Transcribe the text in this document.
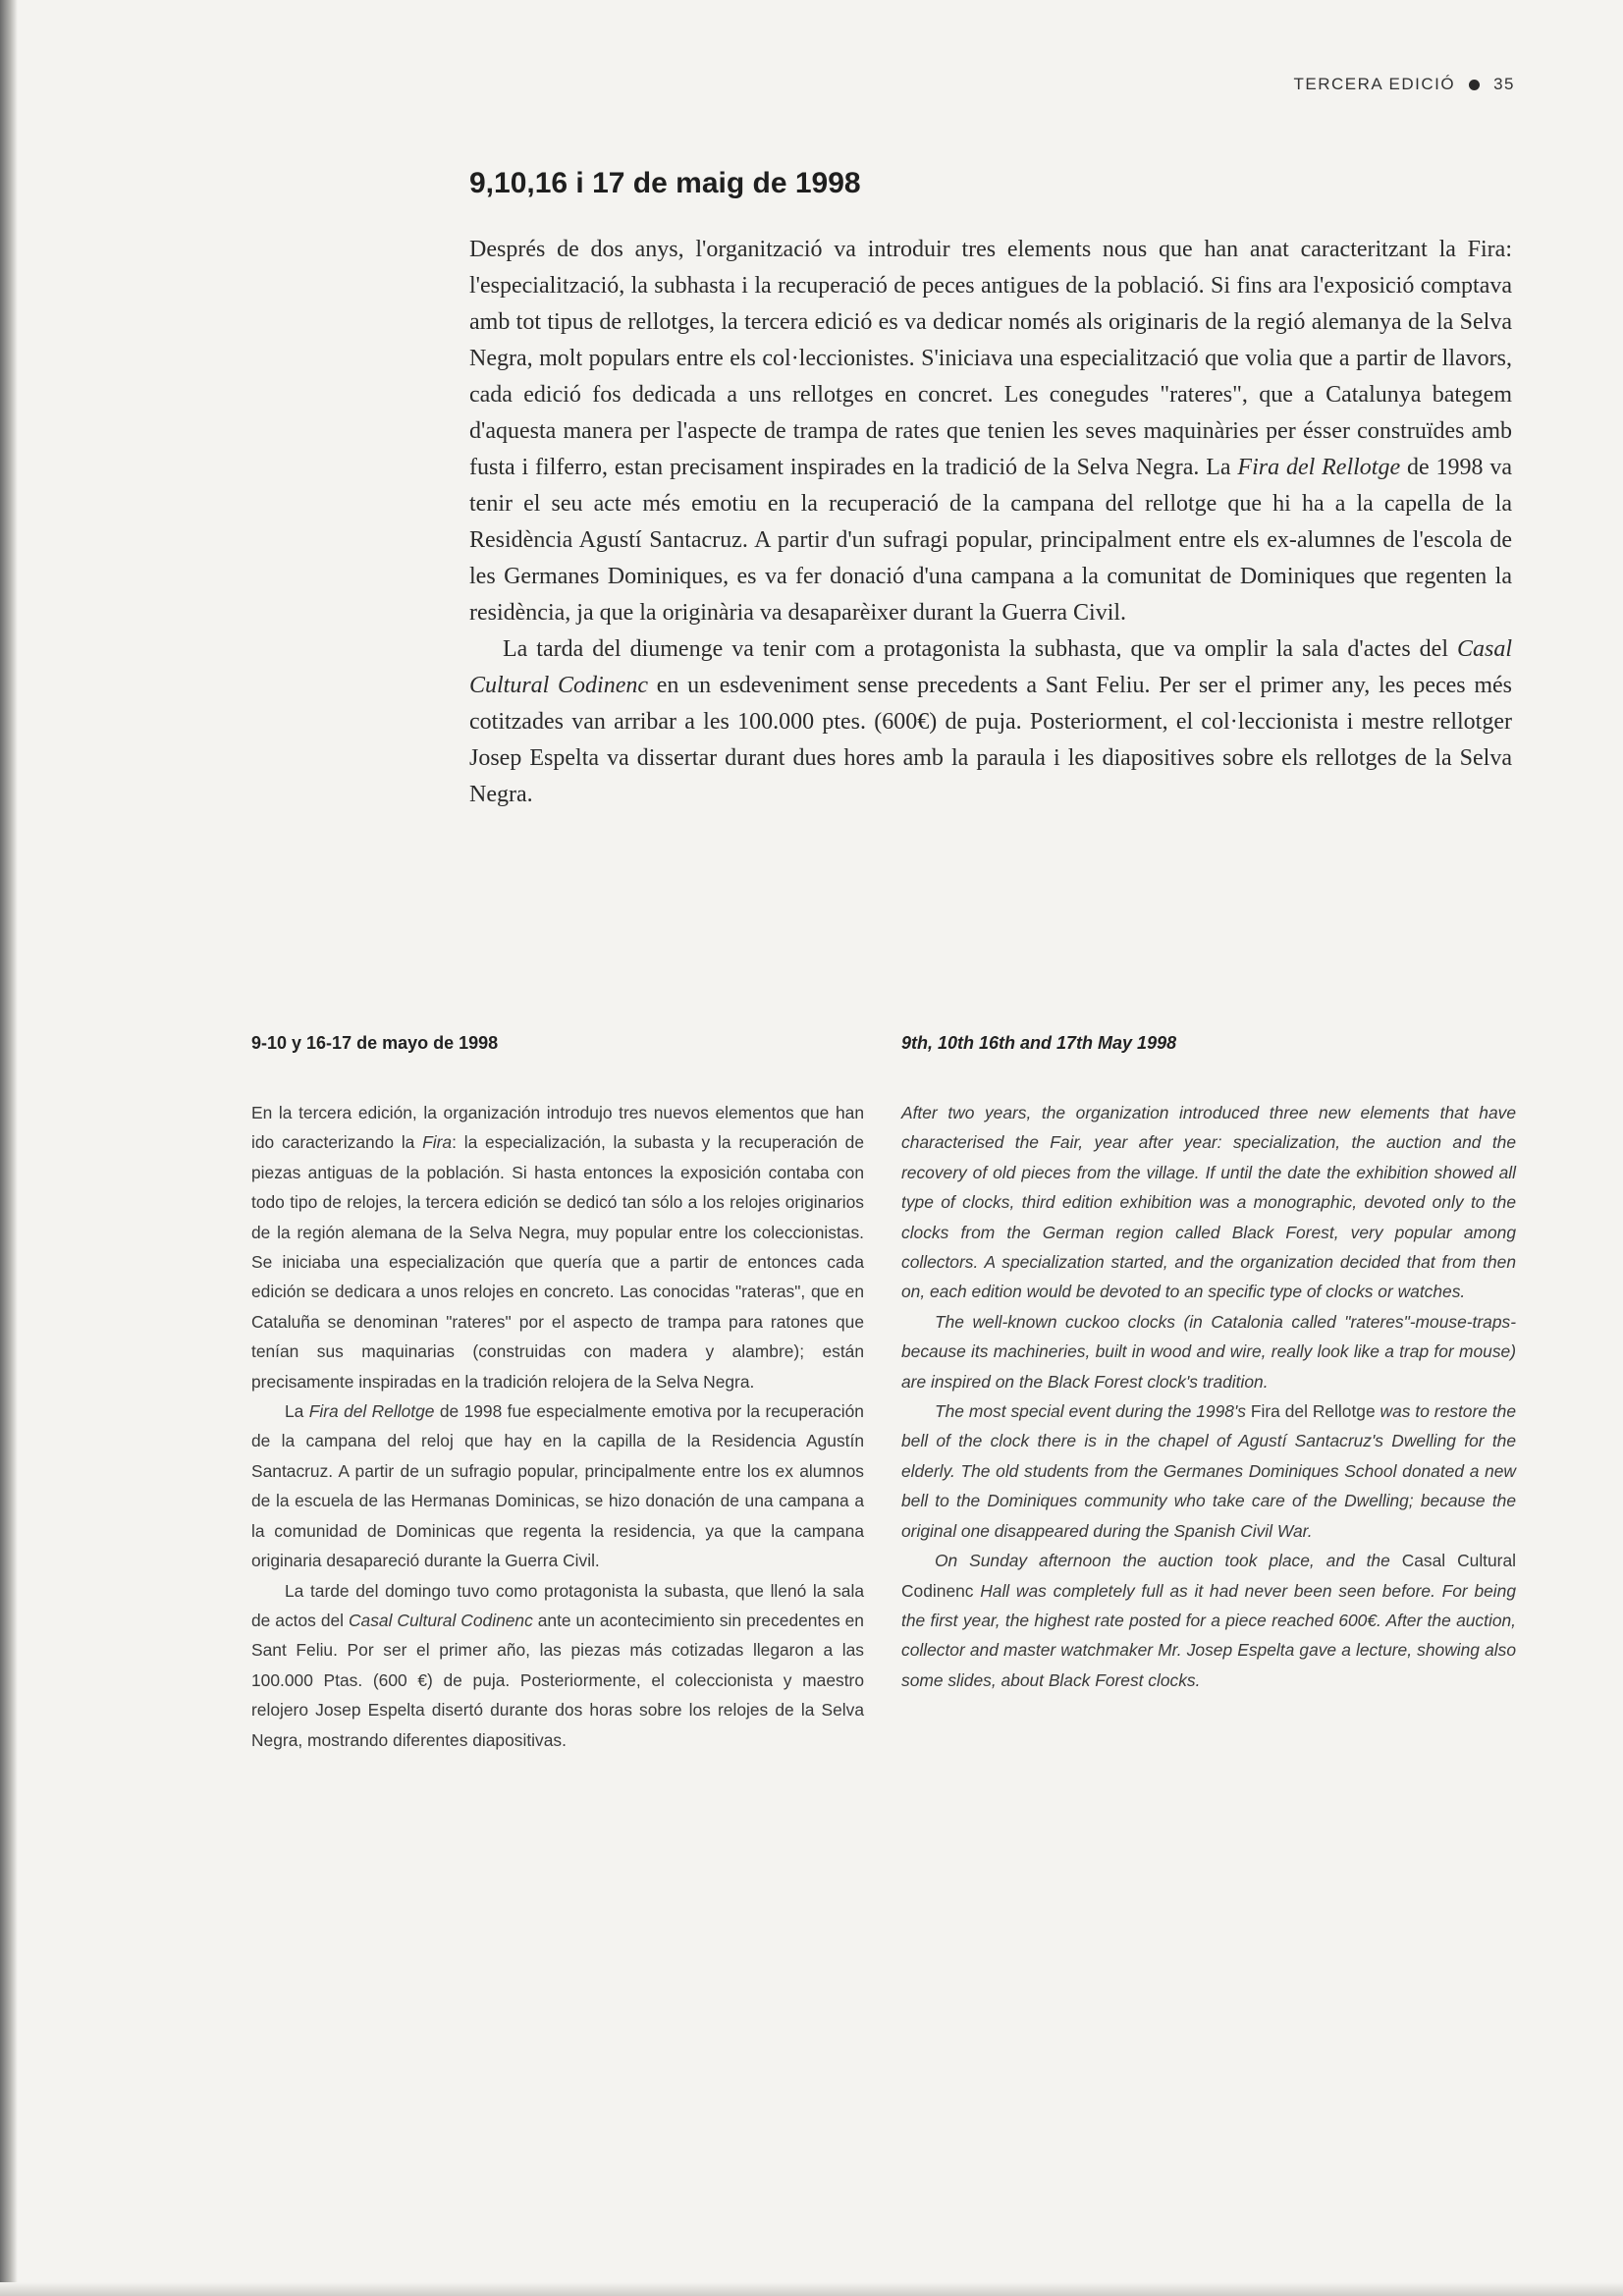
TERCERA EDICIÓ 35
9,10,16 i 17 de maig de 1998

Després de dos anys, l'organització va introduir tres elements nous que han anat caracteritzant la Fira: l'especialització, la subhasta i la recuperació de peces antigues de la població. Si fins ara l'exposició comptava amb tot tipus de rellotges, la tercera edició es va dedicar només als originaris de la regió alemanya de la Selva Negra, molt populars entre els col·leccionistes. S'iniciava una especialització que volia que a partir de llavors, cada edició fos dedicada a uns rellotges en concret. Les conegudes "rateres", que a Catalunya bategem d'aquesta manera per l'aspecte de trampa de rates que tenien les seves maquinàries per ésser construïdes amb fusta i filferro, estan precisament inspirades en la tradició de la Selva Negra. La Fira del Rellotge de 1998 va tenir el seu acte més emotiu en la recuperació de la campana del rellotge que hi ha a la capella de la Residència Agustí Santacruz. A partir d'un sufragi popular, principalment entre els ex-alumnes de l'escola de les Germanes Dominiques, es va fer donació d'una campana a la comunitat de Dominiques que regenten la residència, ja que la originària va desaparèixer durant la Guerra Civil.

La tarda del diumenge va tenir com a protagonista la subhasta, que va omplir la sala d'actes del Casal Cultural Codinenc en un esdeveniment sense precedents a Sant Feliu. Per ser el primer any, les peces més cotitzades van arribar a les 100.000 ptes. (600€) de puja. Posteriorment, el col·leccionista i mestre rellotger Josep Espelta va dissertar durant dues hores amb la paraula i les diapositives sobre els rellotges de la Selva Negra.

9-10 y 16-17 de mayo de 1998

En la tercera edición, la organización introdujo tres nuevos elementos que han ido caracterizando la Fira: la especialización, la subasta y la recuperación de piezas antiguas de la población. Si hasta entonces la exposición contaba con todo tipo de relojes, la tercera edición se dedicó tan sólo a los relojes originarios de la región alemana de la Selva Negra, muy popular entre los coleccionistas. Se iniciaba una especialización que quería que a partir de entonces cada edición se dedicara a unos relojes en concreto. Las conocidas "rateras", que en Cataluña se denominan "rateres" por el aspecto de trampa para ratones que tenían sus maquinarias (construidas con madera y alambre); están precisamente inspiradas en la tradición relojera de la Selva Negra.

La Fira del Rellotge de 1998 fue especialmente emotiva por la recuperación de la campana del reloj que hay en la capilla de la Residencia Agustín Santacruz. A partir de un sufragio popular, principalmente entre los ex alumnos de la escuela de las Hermanas Dominicas, se hizo donación de una campana a la comunidad de Dominicas que regenta la residencia, ya que la campana originaria desapareció durante la Guerra Civil.

La tarde del domingo tuvo como protagonista la subasta, que llenó la sala de actos del Casal Cultural Codinenc ante un acontecimiento sin precedentes en Sant Feliu. Por ser el primer año, las piezas más cotizadas llegaron a las 100.000 Ptas. (600 €) de puja. Posteriormente, el coleccionista y maestro relojero Josep Espelta disertó durante dos horas sobre los relojes de la Selva Negra, mostrando diferentes diapositivas.

9th, 10th 16th and 17th May 1998

After two years, the organization introduced three new elements that have characterised the Fair, year after year: specialization, the auction and the recovery of old pieces from the village. If until the date the exhibition showed all type of clocks, third edition exhibition was a monographic, devoted only to the clocks from the German region called Black Forest, very popular among collectors. A specialization started, and the organization decided that from then on, each edition would be devoted to an specific type of clocks or watches.

The well-known cuckoo clocks (in Catalonia called "rateres"-mouse-traps- because its machineries, built in wood and wire, really look like a trap for mouse) are inspired on the Black Forest clock's tradition.

The most special event during the 1998's Fira del Rellotge was to restore the bell of the clock there is in the chapel of Agustí Santacruz's Dwelling for the elderly. The old students from the Germanes Dominiques School donated a new bell to the Dominiques community who take care of the Dwelling; because the original one disappeared during the Spanish Civil War.

On Sunday afternoon the auction took place, and the Casal Cultural Codinenc Hall was completely full as it had never been seen before. For being the first year, the highest rate posted for a piece reached 600€. After the auction, collector and master watchmaker Mr. Josep Espelta gave a lecture, showing also some slides, about Black Forest clocks.
